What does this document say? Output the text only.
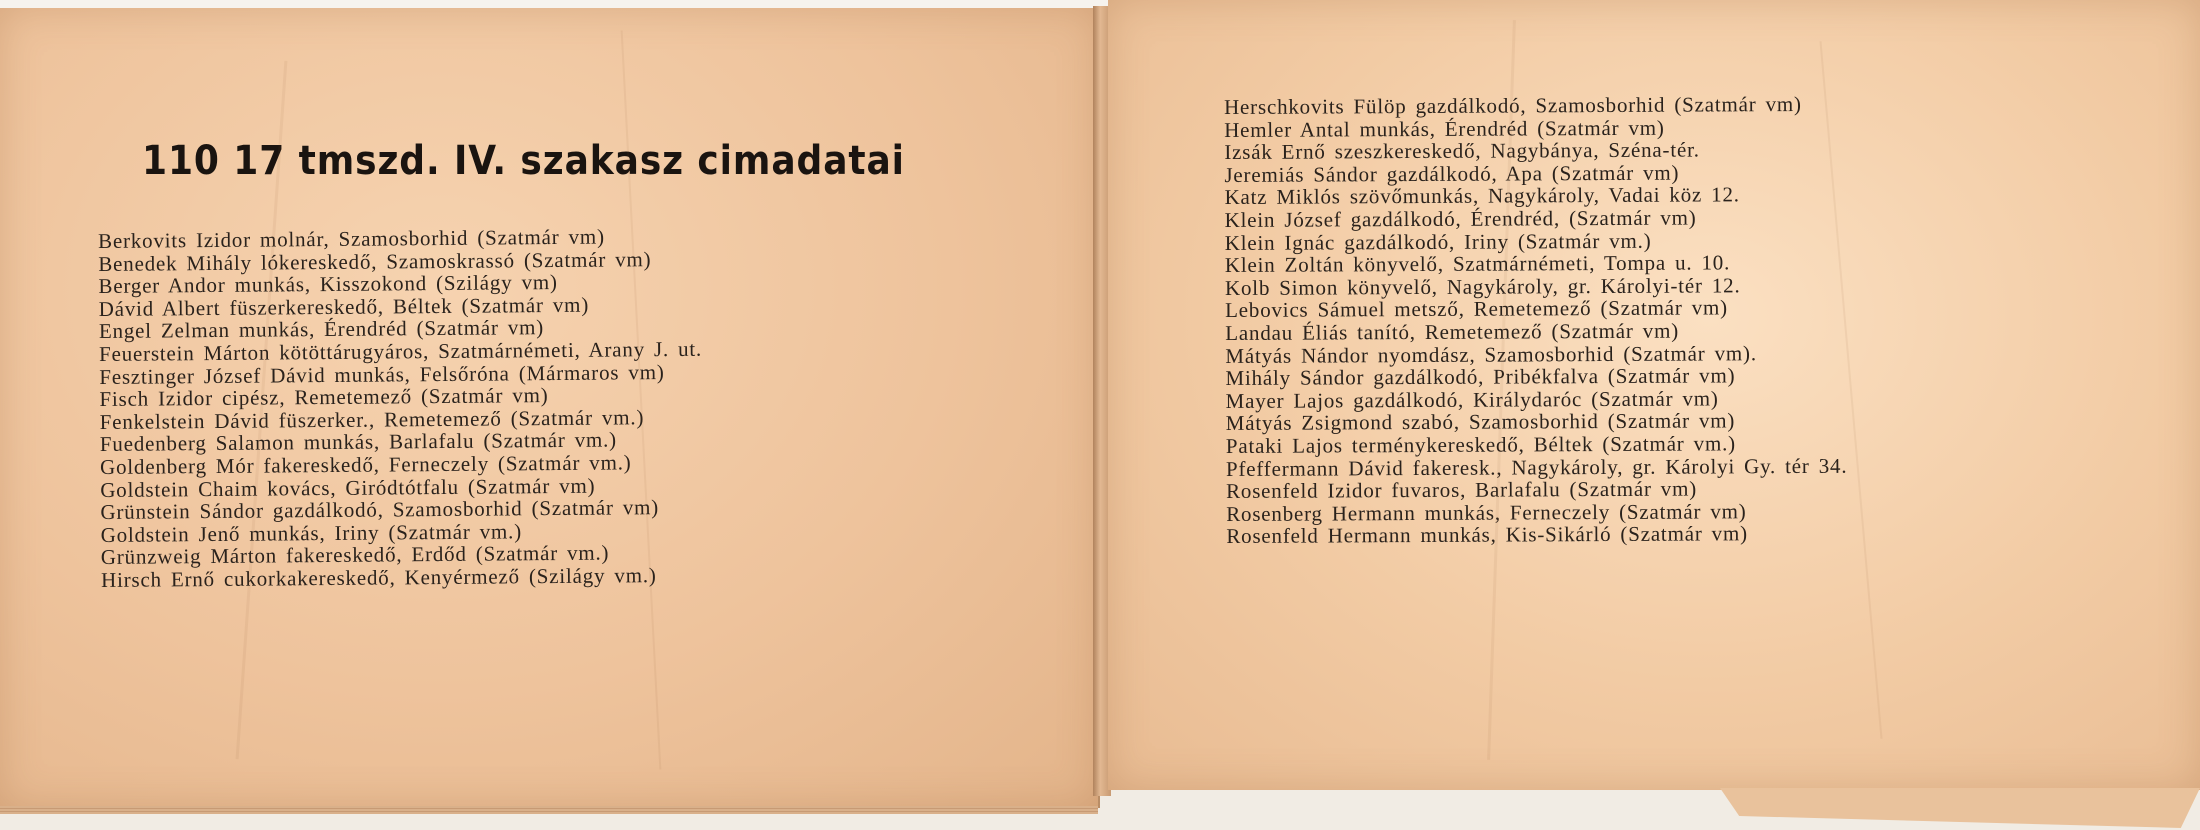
110 17 tmszd. IV. szakasz cimadatai
Berkovits Izidor molnár, Szamosborhid (Szatmár vm)
Benedek Mihály lókereskedő, Szamoskrassó (Szatmár vm)
Berger Andor munkás, Kisszokond (Szilágy vm)
Dávid Albert füszerkereskedő, Béltek (Szatmár vm)
Engel Zelman munkás, Érendréd (Szatmár vm)
Feuerstein Márton kötöttárugyáros, Szatmárnémeti, Arany J. ut.
Fesztinger József Dávid munkás, Felsőróna (Mármaros vm)
Fisch Izidor cipész, Remetemező (Szatmár vm)
Fenkelstein Dávid füszerker., Remetemező (Szatmár vm.)
Fuedenberg Salamon munkás, Barlafalu (Szatmár vm.)
Goldenberg Mór fakereskedő, Ferneczely (Szatmár vm.)
Goldstein Chaim kovács, Giródtótfalu (Szatmár vm)
Grünstein Sándor gazdálkodó, Szamosborhid (Szatmár vm)
Goldstein Jenő munkás, Iriny (Szatmár vm.)
Grünzweig Márton fakereskedő, Erdőd (Szatmár vm.)
Hirsch Ernő cukorkakereskedő, Kenyérmező (Szilágy vm.)
Herschkovits Fülöp gazdálkodó, Szamosborhid (Szatmár vm)
Hemler Antal munkás, Érendréd (Szatmár vm)
Izsák Ernő szeszkereskedő, Nagybánya, Széna-tér.
Jeremiás Sándor gazdálkodó, Apa (Szatmár vm)
Katz Miklós szövőmunkás, Nagykároly, Vadai köz 12.
Klein József gazdálkodó, Érendréd, (Szatmár vm)
Klein Ignác gazdálkodó, Iriny (Szatmár vm.)
Klein Zoltán könyvelő, Szatmárnémeti, Tompa u. 10.
Kolb Simon könyvelő, Nagykároly, gr. Károlyi-tér 12.
Lebovics Sámuel metsző, Remetemező (Szatmár vm)
Landau Éliás tanító, Remetemező (Szatmár vm)
Mátyás Nándor nyomdász, Szamosborhid (Szatmár vm).
Mihály Sándor gazdálkodó, Pribékfalva (Szatmár vm)
Mayer Lajos gazdálkodó, Királydaróc (Szatmár vm)
Mátyás Zsigmond szabó, Szamosborhid (Szatmár vm)
Pataki Lajos terménykereskedő, Béltek (Szatmár vm.)
Pfeffermann Dávid fakeresk., Nagykároly, gr. Károlyi Gy. tér 34.
Rosenfeld Izidor fuvaros, Barlafalu (Szatmár vm)
Rosenberg Hermann munkás, Ferneczely (Szatmár vm)
Rosenfeld Hermann munkás, Kis-Sikárló (Szatmár vm)
